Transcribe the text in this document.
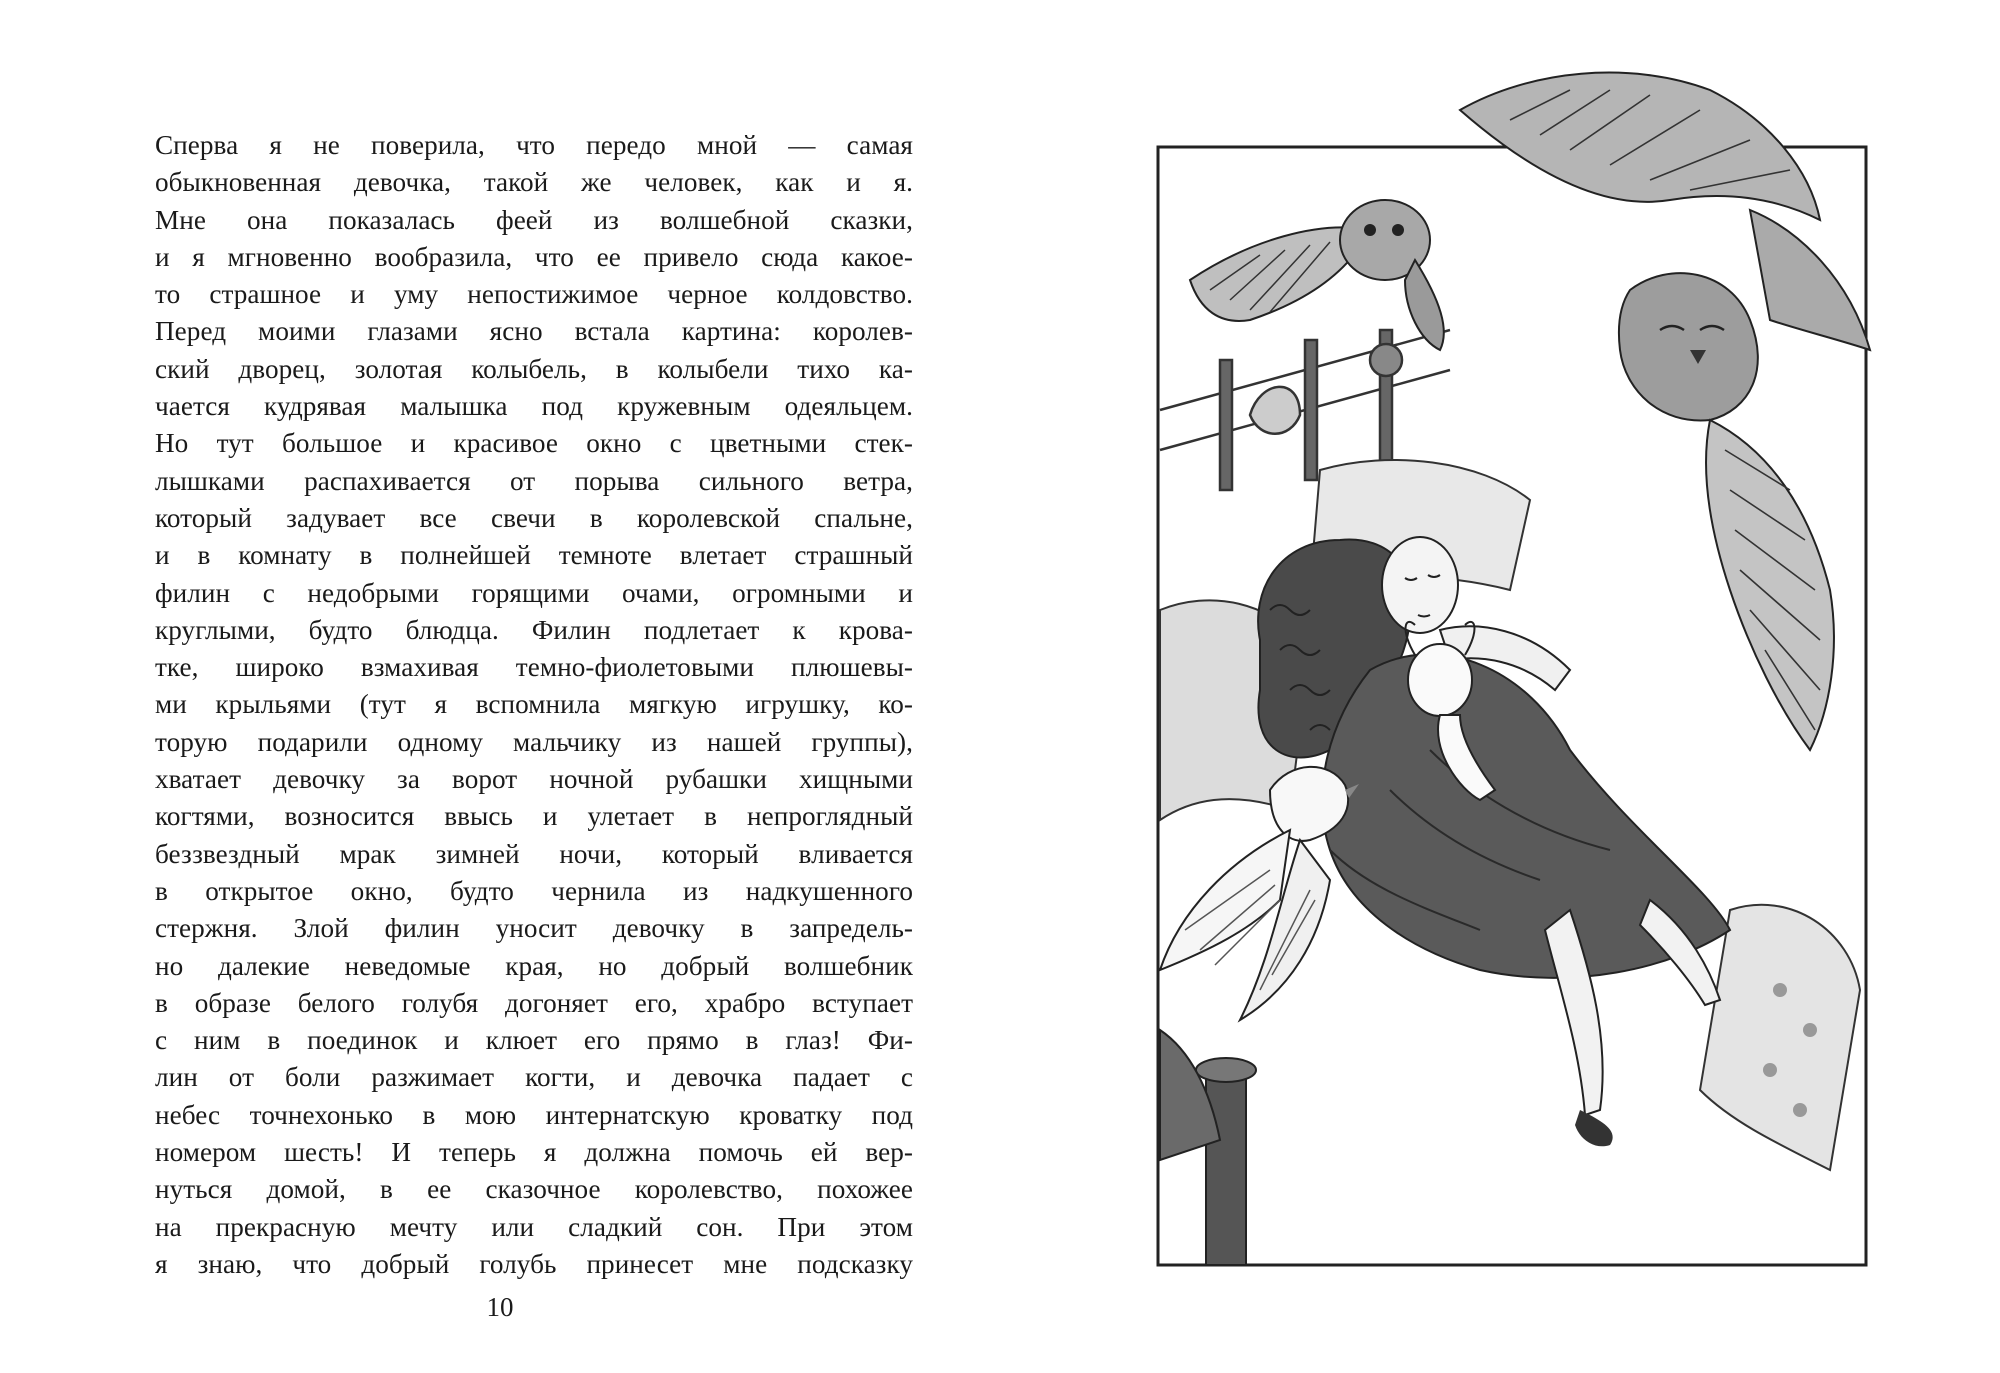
Сперва я не поверила, что передо мной — самая
обыкновенная девочка, такой же человек, как и я.
Мне она показалась феей из волшебной сказки,
и я мгновенно вообразила, что ее привело сюда какое-
то страшное и уму непостижимое черное колдовство.
Перед моими глазами ясно встала картина: королев-
ский дворец, золотая колыбель, в колыбели тихо ка-
чается кудрявая малышка под кружевным одеяльцем.
Но тут большое и красивое окно с цветными стек-
лышками распахивается от порыва сильного ветра,
который задувает все свечи в королевской спальне,
и в комнату в полнейшей темноте влетает страшный
филин с недобрыми горящими очами, огромными и
круглыми, будто блюдца. Филин подлетает к крова-
тке, широко взмахивая темно-фиолетовыми плюшевы-
ми крыльями (тут я вспомнила мягкую игрушку, ко-
торую подарили одному мальчику из нашей группы),
хватает девочку за ворот ночной рубашки хищными
когтями, возносится ввысь и улетает в непроглядный
беззвездный мрак зимней ночи, который вливается
в открытое окно, будто чернила из надкушенного
стержня. Злой филин уносит девочку в запредель-
но далекие неведомые края, но добрый волшебник
в образе белого голубя догоняет его, храбро вступает
с ним в поединок и клюет его прямо в глаз! Фи-
лин от боли разжимает когти, и девочка падает с
небес точнехонько в мою интернатскую кроватку под
номером шесть! И теперь я должна помочь ей вер-
нуться домой, в ее сказочное королевство, похожее
на прекрасную мечту или сладкий сон. При этом
я знаю, что добрый голубь принесет мне подсказку
10
